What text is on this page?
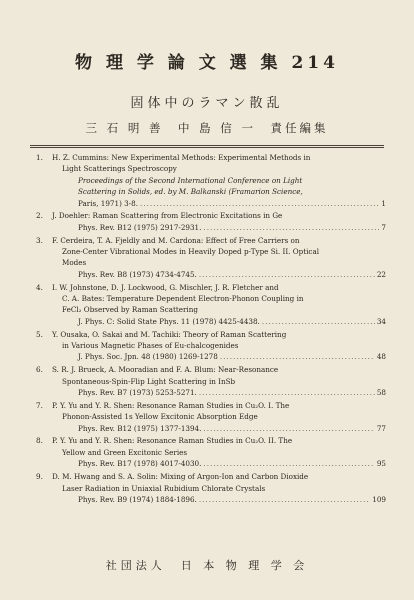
物 理 学 論 文 選 集 214
固体中のラマン散乱
三 石 明 善　中 島 信 一　責任編集
1.	H. Z. Cummins: New Experimental Methods: Experimental Methods in
Light Scatterings Spectroscopy
Proceedings of the Second International Conference on Light
Scattering in Solids, ed. by M. Balkanski (Framarion Science,
Paris, 1971) 3-8. .....	1
2.	J. Doehler: Raman Scattering from Electronic Excitations in Ge
Phys. Rev. B12 (1975) 2917-2931. .....	7
3.	F. Cerdeira, T. A. Fjeldly and M. Cardona: Effect of Free Carriers on
Zone-Center Vibrational Modes in Heavily Doped p-Type Si. II. Optical
Modes
Phys. Rev. B8 (1973) 4734-4745. .....	22
4.	I. W. Johnstone, D. J. Lockwood, G. Mischler, J. R. Fletcher and
C. A. Bates: Temperature Dependent Electron-Phonon Coupling in
FeCl₂ Observed by Raman Scattering
J. Phys. C: Solid State Phys. 11 (1978) 4425-4438. .....	34
5.	Y. Ousaka, O. Sakai and M. Tachiki: Theory of Raman Scattering
in Various Magnetic Phases of Eu-chalcogenides
J. Phys. Soc. Jpn. 48 (1980) 1269-1278 .....	48
6.	S. R. J. Brueck, A. Mooradian and F. A. Blum: Near-Resonance
Spontaneous-Spin-Flip Light Scattering in InSb
Phys. Rev. B7 (1973) 5253-5271. .....	58
7.	P. Y. Yu and Y. R. Shen: Resonance Raman Studies in Cu₂O. I. The
Phonon-Assisted 1s Yellow Excitonic Absorption Edge
Phys. Rev. B12 (1975) 1377-1394. .....	77
8.	P. Y. Yu and Y. R. Shen: Resonance Raman Studies in Cu₂O. II. The
Yellow and Green Excitonic Series
Phys. Rev. B17 (1978) 4017-4030. .....	95
9.	D. M. Hwang and S. A. Solin: Mixing of Argon-Ion and Carbon Dioxide
Laser Radiation in Uniaxial Rubidium Chlorate Crystals
Phys. Rev. B9 (1974) 1884-1896. .....	109
社団法人　日 本 物 理 学 会
